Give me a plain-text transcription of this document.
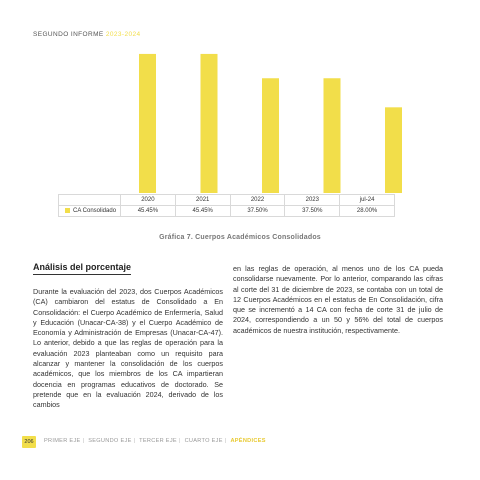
SEGUNDO INFORME 2023-2024
	2020	2021	2022	2023	jul-24
CA Consolidado	45.45%	45.45%	37.50%	37.50%	28.00%
Gráfica 7. Cuerpos Académicos Consolidados
Análisis del porcentaje
Durante la evaluación del 2023, dos Cuerpos Académicos (CA) cambiaron del estatus de Consolidado a En Consolidación: el Cuerpo Académico de Enfermería, Salud y Educación (Unacar-CA-38) y el Cuerpo Académico de Economía y Administración de Empresas (Unacar-CA-47). Lo anterior, debido a que las reglas de operación para la evaluación 2023 planteaban como un requisito para alcanzar y mantener la consolidación de los cuerpos académicos, que los miembros de los CA impartieran docencia en programas educativos de doctorado. Se pretende que en la evaluación 2024, derivado de los cambios
en las reglas de operación, al menos uno de los CA pueda consolidarse nuevamente. Por lo anterior, comparando las cifras al corte del 31 de diciembre de 2023, se contaba con un total de 12 Cuerpos Académicos en el estatus de En Consolidación, cifra que se incrementó a 14 CA con fecha de corte 31 de julio de 2024, correspondiendo a un 50 y 56% del total de cuerpos académicos de nuestra institución, respectivamente.
206	PRIMER EJE | SEGUNDO EJE | TERCER EJE | CUARTO EJE | APÉNDICES
